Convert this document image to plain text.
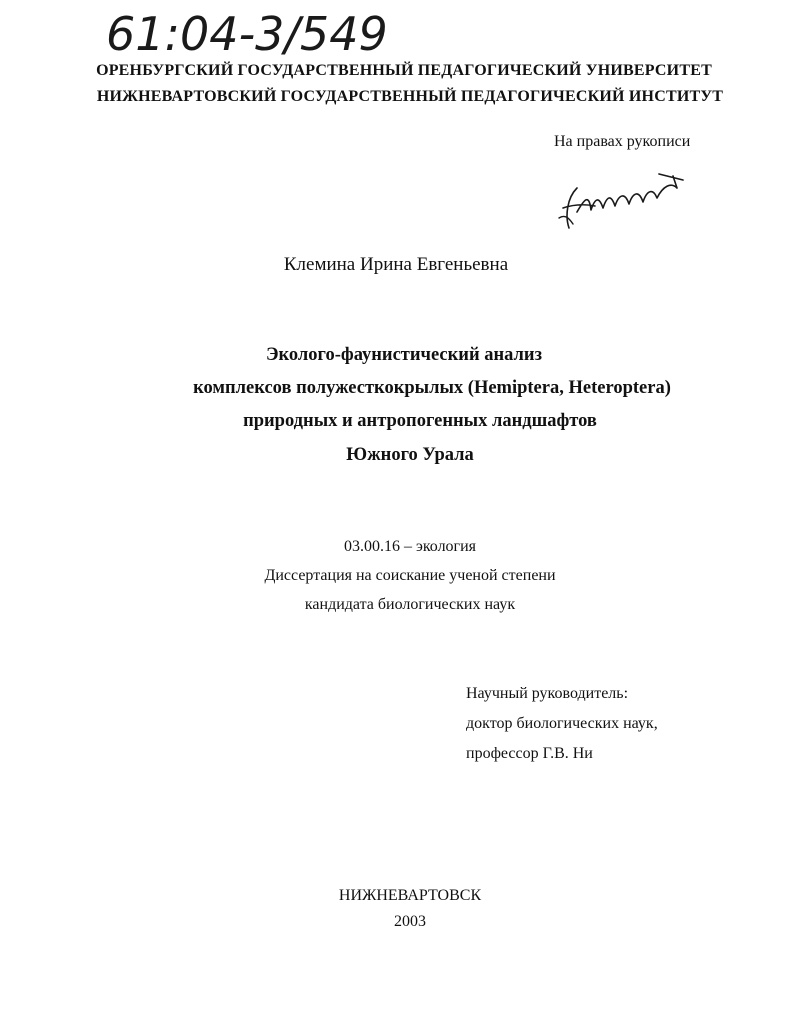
61:04-3/549
ОРЕНБУРГСКИЙ ГОСУДАРСТВЕННЫЙ ПЕДАГОГИЧЕСКИЙ УНИВЕРСИТЕТ
НИЖНЕВАРТОВСКИЙ ГОСУДАРСТВЕННЫЙ ПЕДАГОГИЧЕСКИЙ ИНСТИТУТ
На правах рукописи
Клемина Ирина Евгеньевна
Эколого-фаунистический анализ
комплексов полужесткокрылых (Hemiptera, Heteroptera)
природных и антропогенных ландшафтов
Южного Урала
03.00.16 – экология
Диссертация на соискание ученой степени
кандидата биологических наук
Научный руководитель:
доктор биологических наук,
профессор Г.В. Ни
НИЖНЕВАРТОВСК
2003
